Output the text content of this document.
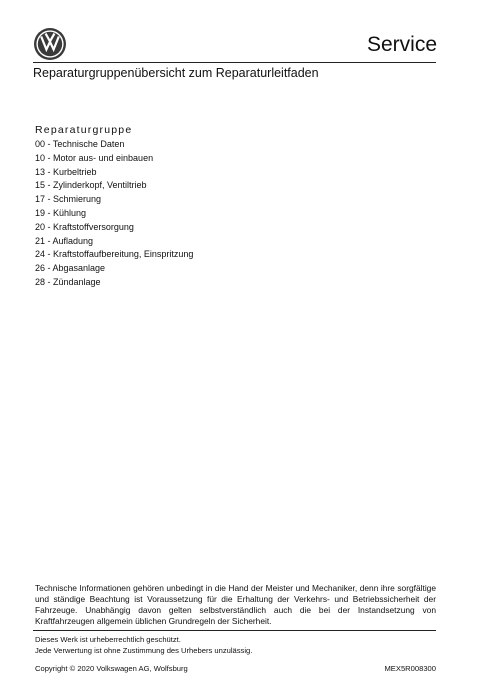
Service
Reparaturgruppenübersicht zum Reparaturleitfaden
Reparaturgruppe
00 - Technische Daten
10 - Motor aus- und einbauen
13 - Kurbeltrieb
15 - Zylinderkopf, Ventiltrieb
17 - Schmierung
19 - Kühlung
20 - Kraftstoffversorgung
21 - Aufladung
24 - Kraftstoffaufbereitung, Einspritzung
26 - Abgasanlage
28 - Zündanlage
Technische Informationen gehören unbedingt in die Hand der Meister und Mechaniker, denn ihre sorgfältige und ständige Beachtung ist Voraussetzung für die Erhaltung der Verkehrs- und Betriebssicherheit der Fahrzeuge. Unabhängig davon gelten selbstverständlich auch die bei der Instandsetzung von Kraftfahrzeugen allgemein üblichen Grundregeln der Sicherheit.
Dieses Werk ist urheberrechtlich geschützt.
Jede Verwertung ist ohne Zustimmung des Urhebers unzulässig.
Copyright © 2020 Volkswagen AG, Wolfsburg	MEX5R008300
